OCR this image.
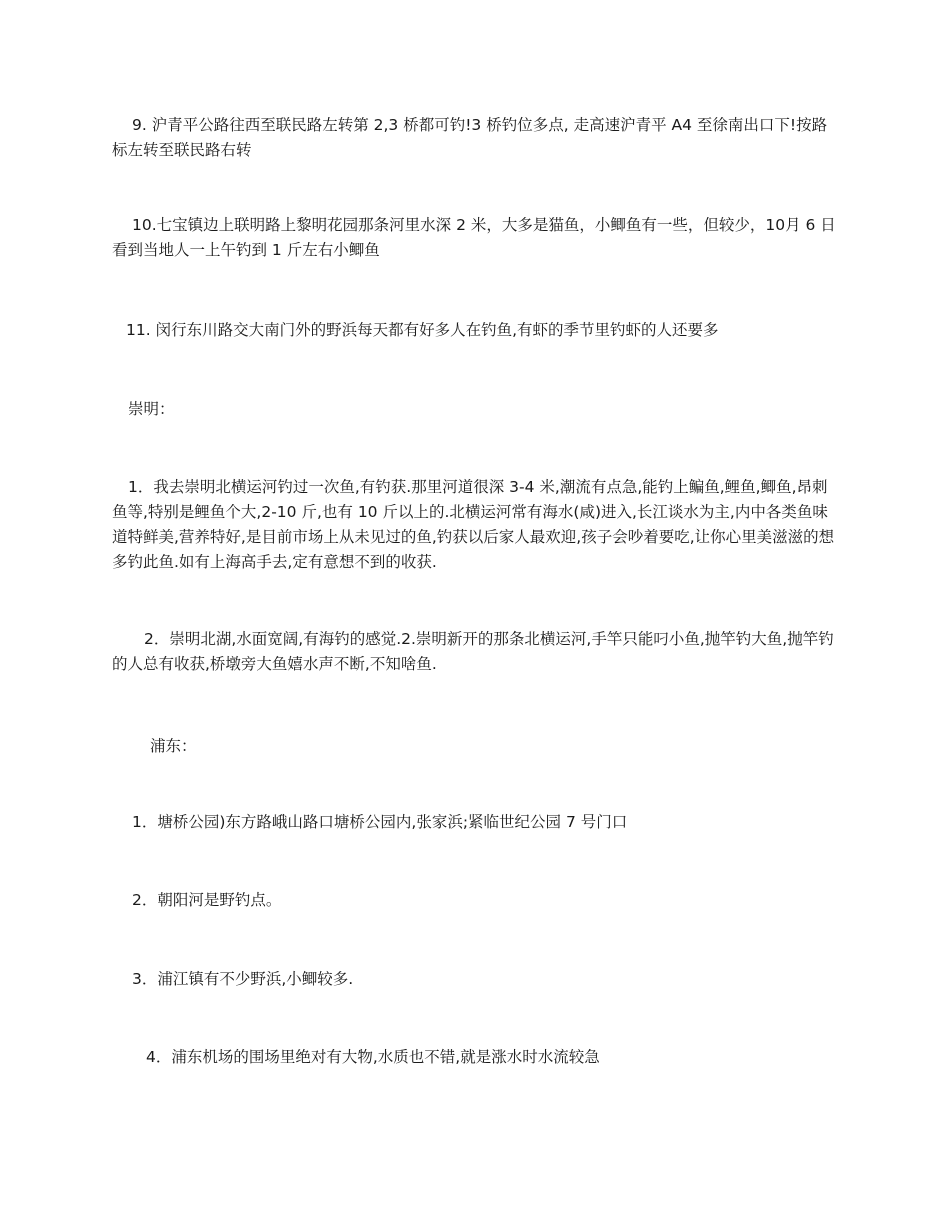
9. 沪青平公路往西至联民路左转第 2,3 桥都可钓!3 桥钓位多点, 走高速沪青平 A4 至徐南出口下!按路标左转至联民路右转

10.七宝镇边上联明路上黎明花园那条河里水深 2 米，大多是猫鱼，小鲫鱼有一些，但较少，10月 6 日看到当地人一上午钓到 1 斤左右小鲫鱼

11. 闵行东川路交大南门外的野浜每天都有好多人在钓鱼,有虾的季节里钓虾的人还要多

崇明：

1．我去崇明北横运河钓过一次鱼,有钓获.那里河道很深 3-4 米,潮流有点急,能钓上鳊鱼,鲤鱼,鲫鱼,昂刺鱼等,特别是鲤鱼个大,2-10 斤,也有 10 斤以上的.北横运河常有海水(咸)进入,长江谈水为主,内中各类鱼味道特鲜美,营养特好,是目前市场上从未见过的鱼,钓获以后家人最欢迎,孩子会吵着要吃,让你心里美滋滋的想多钓此鱼.如有上海高手去,定有意想不到的收获.

2．崇明北湖,水面宽阔,有海钓的感觉.2.崇明新开的那条北横运河,手竿只能叼小鱼,抛竿钓大鱼,抛竿钓的人总有收获,桥墩旁大鱼嬉水声不断,不知啥鱼.

浦东：

1．塘桥公园)东方路峨山路口塘桥公园内,张家浜;紧临世纪公园 7 号门口

2．朝阳河是野钓点。

3．浦江镇有不少野浜,小鲫较多.

4．浦东机场的围场里绝对有大物,水质也不错,就是涨水时水流较急
